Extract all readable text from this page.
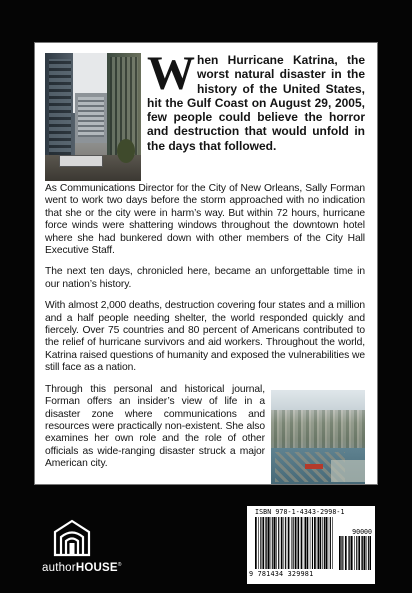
When Hurricane Katrina, the worst natural disaster in the history of the United States, hit the Gulf Coast on August 29, 2005, few people could believe the horror and destruction that would unfold in the days that followed.

As Communications Director for the City of New Orleans, Sally Forman went to work two days before the storm approached with no indication that she or the city were in harm’s way. But within 72 hours, hurricane force winds were shattering windows throughout the downtown hotel where she had bunkered down with other members of the City Hall Executive Staff.

The next ten days, chronicled here, became an unforgettable time in our nation’s history.

With almost 2,000 deaths, destruction covering four states and a million and a half people needing shelter, the world responded quickly and fiercely. Over 75 countries and 80 percent of Americans contributed to the relief of hurricane survivors and aid workers. Throughout the world, Katrina raised questions of humanity and exposed the vulnerabilities we still face as a nation.

Through this personal and historical journal, Forman offers an insider’s view of life in a disaster zone where communications and resources were practically non-existent. She also examines her own role and the role of other officials as wide-ranging disaster struck a major American city.

authorHOUSE®
ISBN 978-1-4343-2998-1
90000
9 781434 329981
